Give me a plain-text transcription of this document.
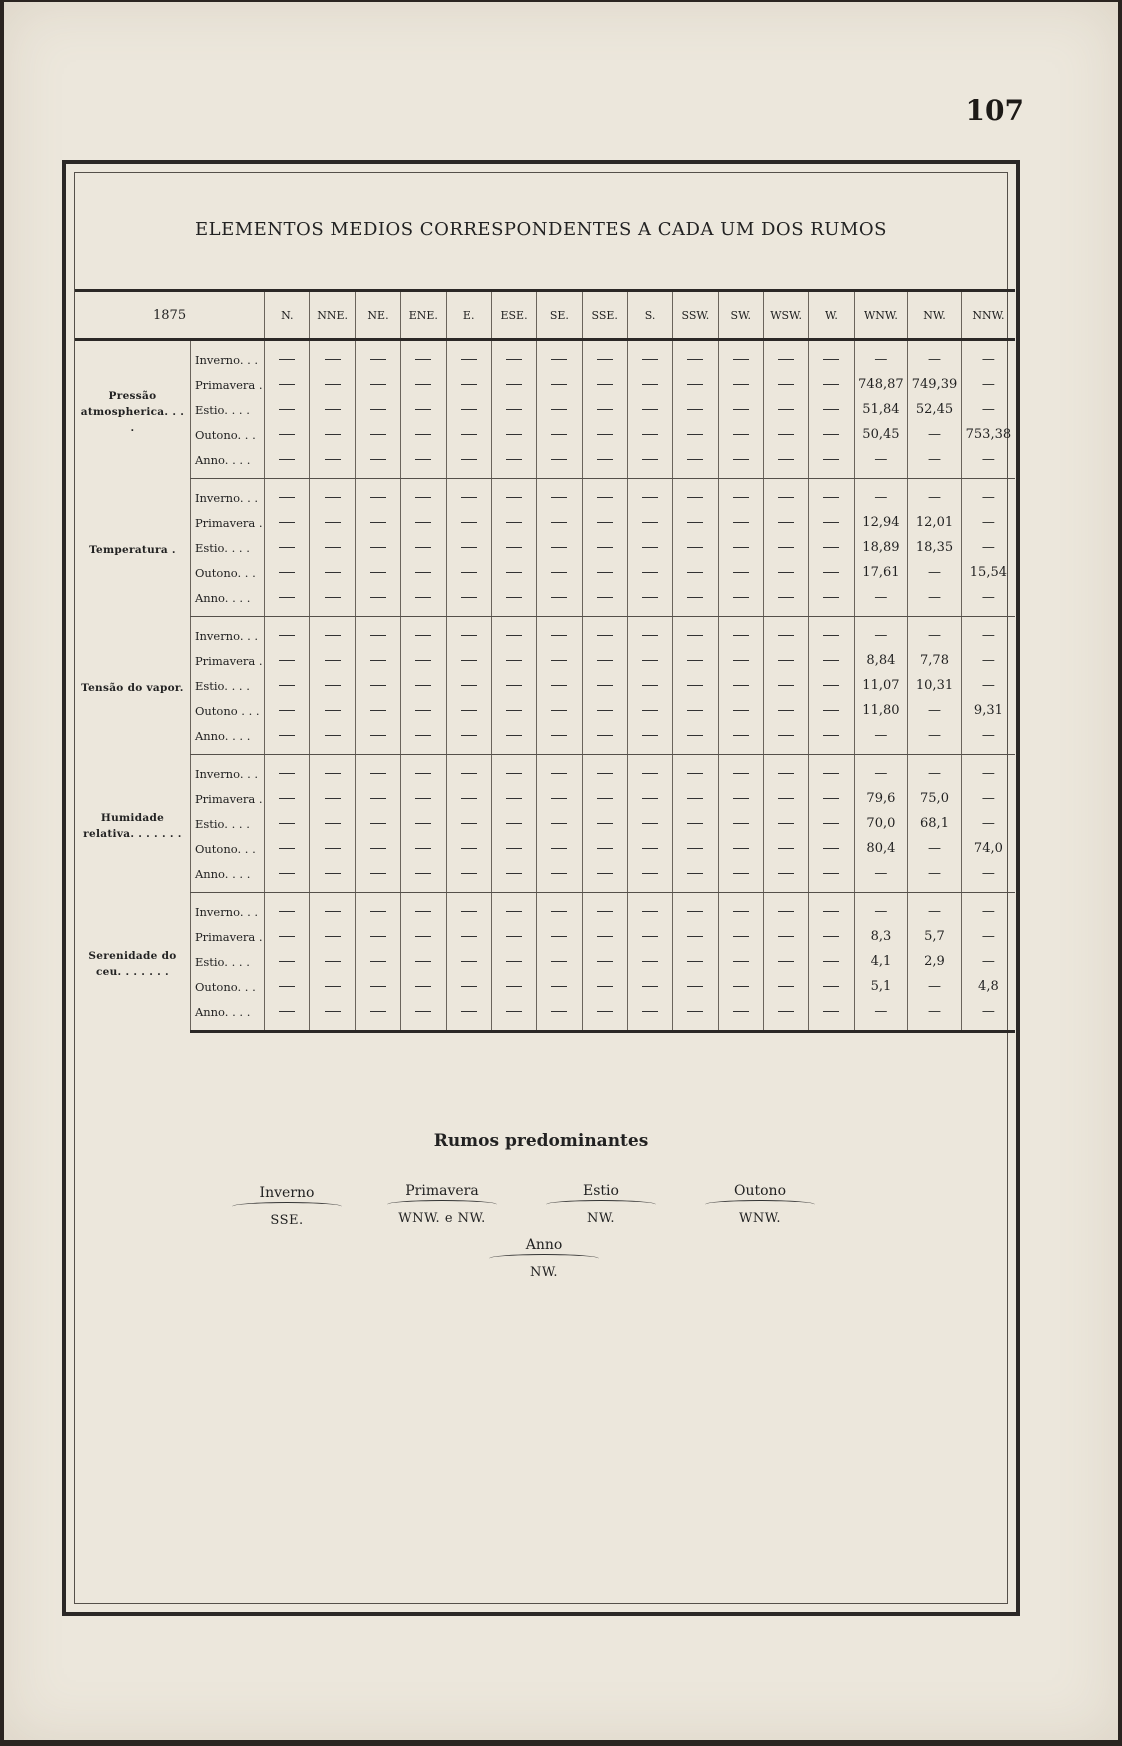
107
ELEMENTOS MEDIOS CORRESPONDENTES A CADA UM DOS RUMOS
1875		N.	NNE.	NE.	ENE.	E.	ESE.	SE.	SSE.	S.	SSW.	SW.	WSW.	W.	WNW.	NW.	NNW.
Pressão atmospherica. . . .	Inverno. . .														—	—	—
	Primavera .														748,87	749,39	—
	Estio. . . .														51,84	52,45	—
	Outono. . .														50,45	—	753,38
	Anno. . . .														—	—	—
Temperatura .	Inverno. . .														—	—	—
	Primavera .														12,94	12,01	—
	Estio. . . .														18,89	18,35	—
	Outono. . .														17,61	—	15,54
	Anno. . . .														—	—	—
Tensão do vapor.	Inverno. . .														—	—	—
	Primavera .														8,84	7,78	—
	Estio. . . .														11,07	10,31	—
	Outono . . .														11,80	—	9,31
	Anno. . . .														—	—	—
Humidade relativa. . . . . . .	Inverno. . .														—	—	—
	Primavera .														79,6	75,0	—
	Estio. . . .														70,0	68,1	—
	Outono. . .														80,4	—	74,0
	Anno. . . .														—	—	—
Serenidade do ceu. . . . . . .	Inverno. . .														—	—	—
	Primavera .														8,3	5,7	—
	Estio. . . .														4,1	2,9	—
	Outono. . .														5,1	—	4,8
	Anno. . . .														—	—	—
Rumos predominantes
Inverno
SSE.
Primavera
WNW. e NW.
Estio
NW.
Outono
WNW.
Anno
NW.
